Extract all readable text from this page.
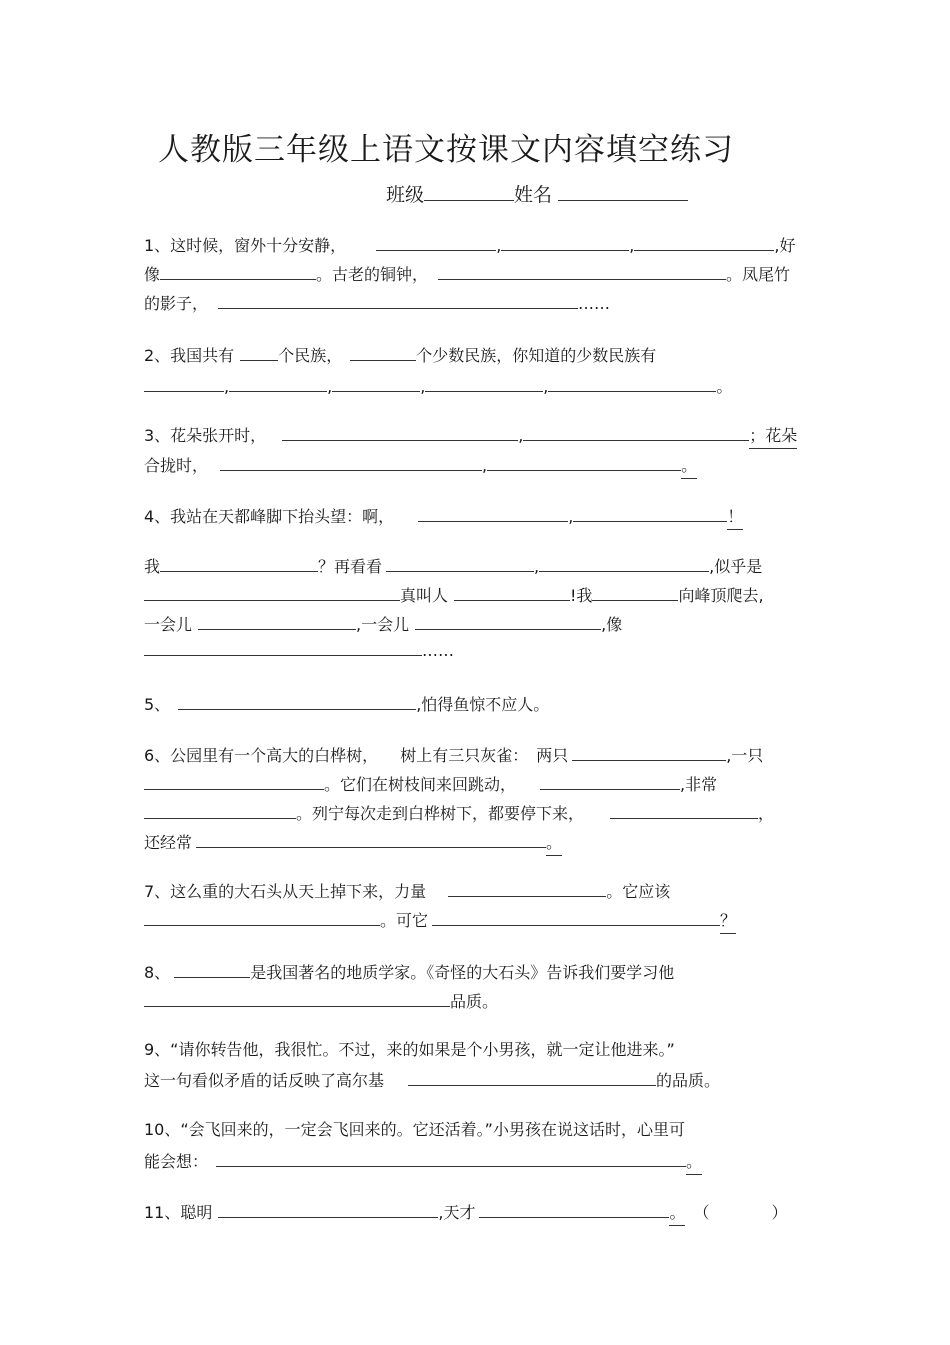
人教版三年级上语文按课文内容填空练习
班级	姓名
1、这时候，窗外十分安静，	,	,	,好
像	。古老的铜钟，	。凤尾竹
的影子，	……
2、我国共有	个民族，	个少数民族，你知道的少数民族有
,	,	,	,	。
3、花朵张开时，	,	；花朵
合拢时，	,	。
4、我站在天都峰脚下抬头望：啊，	,	！
我	？再看看	,	,似乎是
真叫人	!我	向峰顶爬去,
一会儿	,一会儿	,像
……
5、	,怕得鱼惊不应人。
6、公园里有一个高大的白桦树， 树上有三只灰雀： 两只	,一只
。它们在树枝间来回跳动，	,非常
。列宁每次走到白桦树下，都要停下来，	，
还经常	。
7、这么重的大石头从天上掉下来，力量	。它应该
。可它	？
8、	是我国著名的地质学家。《奇怪的大石头》告诉我们要学习他
品质。
9、“请你转告他，我很忙。不过，来的如果是个小男孩，就一定让他进来。”
这一句看似矛盾的话反映了高尔基	的品质。
10、“会飞回来的，一定会飞回来的。它还活着。”小男孩在说这话时，心里可
能会想：	。
11、聪明	,天才	。 （	）
